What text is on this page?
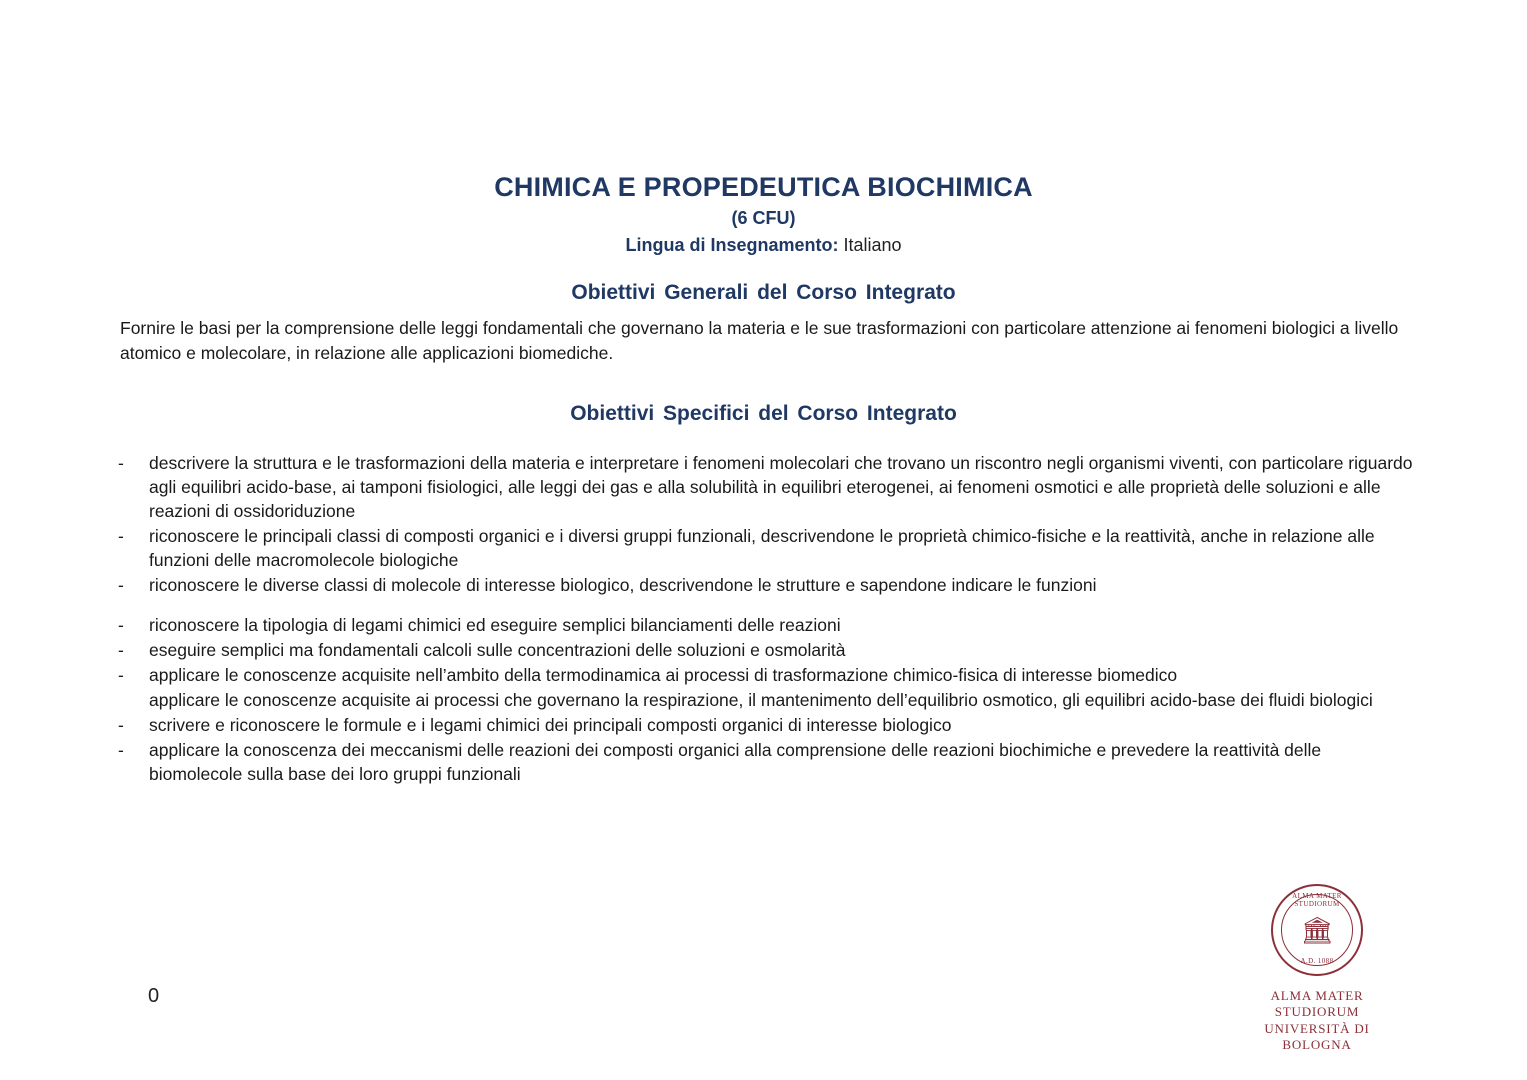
CHIMICA E PROPEDEUTICA BIOCHIMICA
(6 CFU)
Lingua di Insegnamento: Italiano
Obiettivi Generali del Corso Integrato
Fornire le basi per la comprensione delle leggi fondamentali che governano la materia e le sue trasformazioni con particolare attenzione ai fenomeni biologici a livello atomico e molecolare, in relazione alle applicazioni biomediche.
Obiettivi Specifici del Corso Integrato
-	descrivere la struttura e le trasformazioni della materia e interpretare i fenomeni molecolari che trovano un riscontro negli organismi viventi, con particolare riguardo agli equilibri acido-base, ai tamponi fisiologici, alle leggi dei gas e alla solubilità in equilibri eterogenei, ai fenomeni osmotici e alle proprietà delle soluzioni e alle reazioni di ossidoriduzione
-	riconoscere le principali classi di composti organici e i diversi gruppi funzionali, descrivendone le proprietà chimico-fisiche e la reattività, anche in relazione alle funzioni delle macromolecole biologiche
-	riconoscere le diverse classi di molecole di interesse biologico, descrivendone le strutture e sapendone indicare le funzioni
-	riconoscere la tipologia di legami chimici ed eseguire semplici bilanciamenti delle reazioni
-	eseguire semplici ma fondamentali calcoli sulle concentrazioni delle soluzioni e osmolarità
-	applicare le conoscenze acquisite nell’ambito della termodinamica ai processi di trasformazione chimico-fisica di interesse biomedico
applicare le conoscenze acquisite ai processi che governano la respirazione, il mantenimento dell’equilibrio osmotico, gli equilibri acido-base dei fluidi biologici
-	scrivere e riconoscere le formule e i legami chimici dei principali composti organici di interesse biologico
-	applicare la conoscenza dei meccanismi delle reazioni dei composti organici alla comprensione delle reazioni biochimiche e prevedere la reattività delle biomolecole sulla base dei loro gruppi funzionali
ALMA MATER STUDIORUM
🏛
A.D. 1088
ALMA MATER STUDIORUM
UNIVERSITÀ DI BOLOGNA
0
